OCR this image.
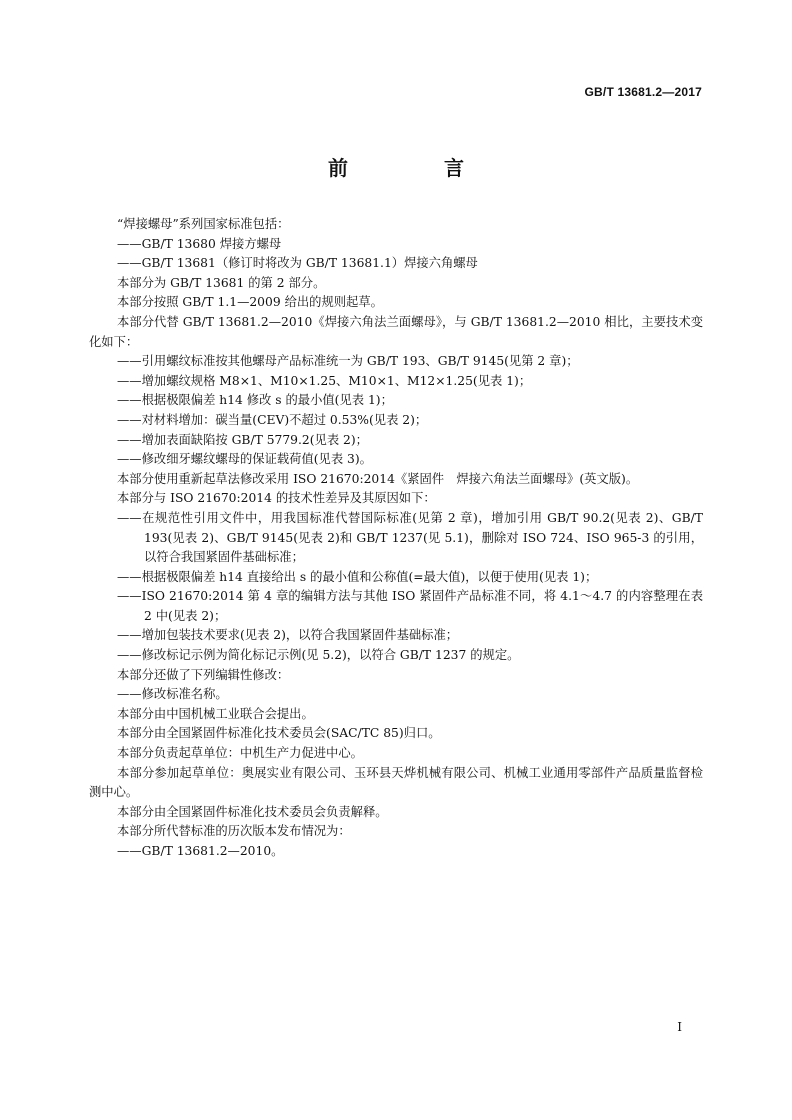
GB/T 13681.2—2017
前　言
“焊接螺母”系列国家标准包括：
——GB/T 13680 焊接方螺母
——GB/T 13681（修订时将改为 GB/T 13681.1）焊接六角螺母
本部分为 GB/T 13681 的第 2 部分。
本部分按照 GB/T 1.1—2009 给出的规则起草。
本部分代替 GB/T 13681.2—2010《焊接六角法兰面螺母》，与 GB/T 13681.2—2010 相比，主要技术变化如下：
——引用螺纹标准按其他螺母产品标准统一为 GB/T 193、GB/T 9145(见第 2 章)；
——增加螺纹规格 M8×1、M10×1.25、M10×1、M12×1.25(见表 1)；
——根据极限偏差 h14 修改 s 的最小值(见表 1)；
——对材料增加：碳当量(CEV)不超过 0.53%(见表 2)；
——增加表面缺陷按 GB/T 5779.2(见表 2)；
——修改细牙螺纹螺母的保证载荷值(见表 3)。
本部分使用重新起草法修改采用 ISO 21670:2014《紧固件　焊接六角法兰面螺母》(英文版)。
本部分与 ISO 21670:2014 的技术性差异及其原因如下：
——在规范性引用文件中，用我国标准代替国际标准(见第 2 章)，增加引用 GB/T 90.2(见表 2)、GB/T 193(见表 2)、GB/T 9145(见表 2)和 GB/T 1237(见 5.1)，删除对 ISO 724、ISO 965-3 的引用，以符合我国紧固件基础标准；
——根据极限偏差 h14 直接给出 s 的最小值和公称值(=最大值)，以便于使用(见表 1)；
——ISO 21670:2014 第 4 章的编辑方法与其他 ISO 紧固件产品标准不同，将 4.1～4.7 的内容整理在表 2 中(见表 2)；
——增加包装技术要求(见表 2)，以符合我国紧固件基础标准；
——修改标记示例为简化标记示例(见 5.2)，以符合 GB/T 1237 的规定。
本部分还做了下列编辑性修改：
——修改标准名称。
本部分由中国机械工业联合会提出。
本部分由全国紧固件标准化技术委员会(SAC/TC 85)归口。
本部分负责起草单位：中机生产力促进中心。
本部分参加起草单位：奥展实业有限公司、玉环县天烨机械有限公司、机械工业通用零部件产品质量监督检测中心。
本部分由全国紧固件标准化技术委员会负责解释。
本部分所代替标准的历次版本发布情况为：
——GB/T 13681.2—2010。
I
